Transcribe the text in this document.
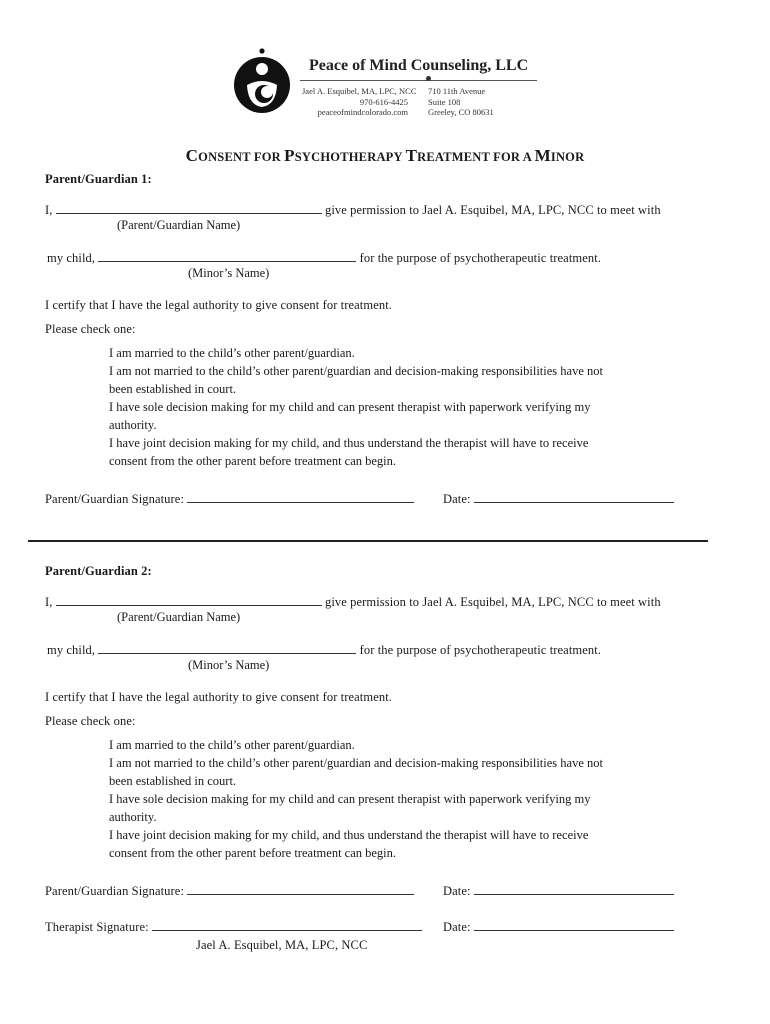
Peace of Mind Counseling, LLC
Jael A. Esquibel, MA, LPC, NCC
970-616-4425
peaceofmindcolorado.com
710 11th Avenue
Suite 108
Greeley, CO 80631
CONSENT FOR PSYCHOTHERAPY TREATMENT FOR A MINOR
Parent/Guardian 1:
I,	give permission to Jael A. Esquibel, MA, LPC, NCC to meet with
(Parent/Guardian Name)
my child,	for the purpose of psychotherapeutic treatment.
(Minor’s Name)
I certify that I have the legal authority to give consent for treatment.
Please check one:
I am married to the child’s other parent/guardian.
I am not married to the child’s other parent/guardian and decision-making responsibilities have not
been established in court.
I have sole decision making for my child and can present therapist with paperwork verifying my
authority.
I have joint decision making for my child, and thus understand the therapist will have to receive
consent from the other parent before treatment can begin.
Parent/Guardian Signature:	Date:
Parent/Guardian 2:
I,	give permission to Jael A. Esquibel, MA, LPC, NCC to meet with
(Parent/Guardian Name)
my child,	for the purpose of psychotherapeutic treatment.
(Minor’s Name)
I certify that I have the legal authority to give consent for treatment.
Please check one:
I am married to the child’s other parent/guardian.
I am not married to the child’s other parent/guardian and decision-making responsibilities have not
been established in court.
I have sole decision making for my child and can present therapist with paperwork verifying my
authority.
I have joint decision making for my child, and thus understand the therapist will have to receive
consent from the other parent before treatment can begin.
Parent/Guardian Signature:	Date:
Therapist Signature:	Date:
Jael A. Esquibel, MA, LPC, NCC
